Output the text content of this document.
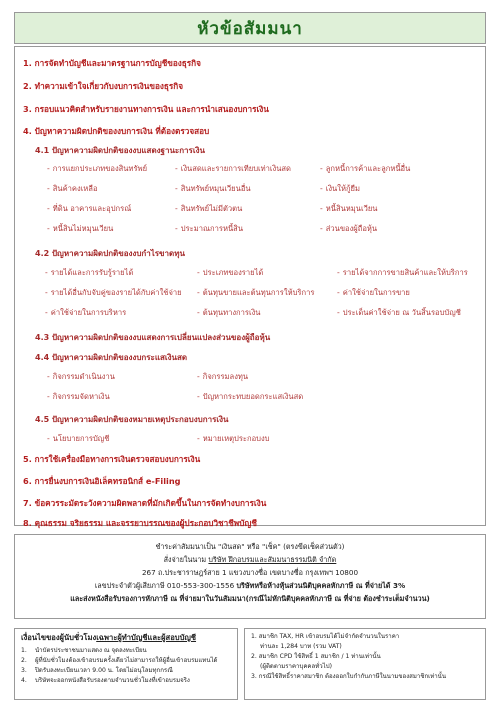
หัวข้อสัมมนา
1. การจัดทำบัญชีและมาตรฐานการบัญชีของธุรกิจ
2. ทำความเข้าใจเกี่ยวกับงบการเงินของธุรกิจ
3. กรอบแนวคิดสำหรับรายงานทางการเงิน และการนำเสนองบการเงิน
4. ปัญหาความผิดปกติของงบการเงิน ที่ต้องตรวจสอบ
4.1 ปัญหาความผิดปกติของงบแสดงฐานะการเงิน
- การแยกประเภทของสินทรัพย์	- เงินสดและรายการเทียบเท่าเงินสด	- ลูกหนี้การค้าและลูกหนี้อื่น
- สินค้าคงเหลือ	- สินทรัพย์หมุนเวียนอื่น	- เงินให้กู้ยืม
- ที่ดิน อาคารและอุปกรณ์	- สินทรัพย์ไม่มีตัวตน	- หนี้สินหมุนเวียน
- หนี้สินไม่หมุนเวียน	- ประมาณการหนี้สิน	- ส่วนของผู้ถือหุ้น
4.2 ปัญหาความผิดปกติของงบกำไรขาดทุน
- รายได้และการรับรู้รายได้	- ประเภทของรายได้	- รายได้จากการขายสินค้าและให้บริการ
- รายได้อื่นกับจับคู่ของรายได้กับค่าใช้จ่าย - ต้นทุนขายและต้นทุนการให้บริการ	- ค่าใช้จ่ายในการขาย
- ค่าใช้จ่ายในการบริหาร	- ต้นทุนทางการเงิน	- ประเด็นค่าใช้จ่าย ณ วันสิ้นรอบบัญชี
4.3 ปัญหาความผิดปกติของงบแสดงการเปลี่ยนแปลงส่วนของผู้ถือหุ้น
4.4 ปัญหาความผิดปกติของงบกระแสเงินสด
- กิจกรรมดำเนินงาน	- กิจกรรมลงทุน
- กิจกรรมจัดหาเงิน	- ปัญหากระทบยอดกระแสเงินสด
4.5 ปัญหาความผิดปกติของหมายเหตุประกอบงบการเงิน
- นโยบายการบัญชี	- หมายเหตุประกอบงบ
5. การใช้เครื่องมือทางการเงินตรวจสอบงบการเงิน
6. การยื่นงบการเงินอิเล็คทรอนิกส์ e-Filing
7. ข้อควรระมัดระวังความผิดพลาดที่มักเกิดขึ้นในการจัดทำงบการเงิน
8. คุณธรรม จริยธรรม และจรรยาบรรณของผู้ประกอบวิชาชีพบัญชี
ชำระค่าสัมมนาเป็น "เงินสด" หรือ "เช็ค" (ตรงขีดเช็คส่วนตัว)
สั่งจ่ายในนาม บริษัท ฝึกอบรมและสัมมนาธรรมนิติ จำกัด
267 ถ.ประชาราษฎร์สาย 1 แขวงบางซื่อ เขตบางซื่อ กรุงเทพฯ 10800
เลขประจำตัวผู้เสียภาษี 010-553-300-1556 บริษัทหรือห้างหุ้นส่วนนิติบุคคลหักภาษี ณ ที่จ่ายได้ 3%
และส่งหนังสือรับรองการหักภาษี ณ ที่จ่ายมาในวันสัมมนา(กรณีไม่หักนิติบุคคลหักภาษี ณ ที่จ่าย ต้องชำระเต็มจำนวน)
เงื่อนไขของผู้นับชั่วโมงเฉพาะผู้ทำบัญชีและผู้สอบบัญชี
1. นำบัตรประชาชนมาแสดง ณ จุดลงทะเบียน
2. ผู้ที่นับชั่วโมงต้องเข้าอบรมครั้งเดียวไม่สามารถให้ผู้อื่นเข้าอบรมแทนได้
3. ปิดรับลงทะเบียนเวลา 9.00 น. โดยไม่อนุโลมทุกกรณี
4. บริษัทจะออกหนังสือรับรองตามจำนวนชั่วโมงที่เข้าอบรมจริง
1. สมาชิก TAX, HR เข้าอบรมได้ไม่จำกัดจำนวนในราคา
ท่านละ 1,284 บาท (รวม VAT)
2. สมาชิก CPD ใช้สิทธิ์ 1 สมาชิก / 1 ท่านเท่านั้น
(ผู้ติดตามราคาบุคคลทั่วไป)
3. กรณีใช้สิทธิ์ราคาสมาชิก ต้องออกใบกำกับภาษีในนามของสมาชิกเท่านั้น
